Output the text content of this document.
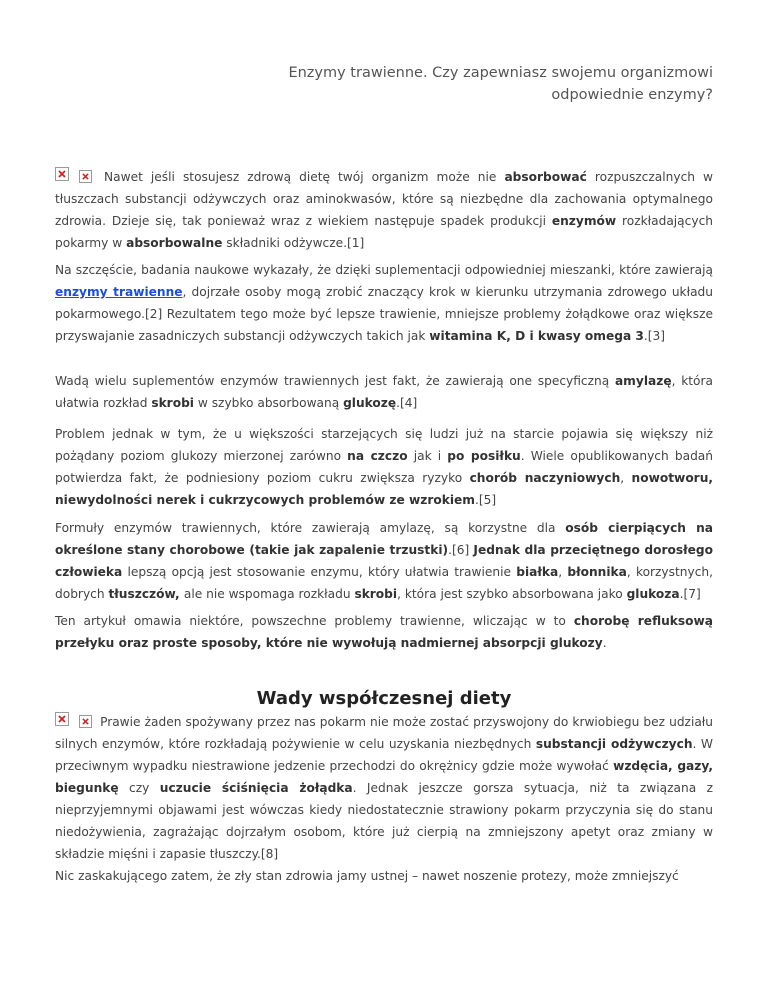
Enzymy trawienne. Czy zapewniasz swojemu organizmowi
odpowiednie enzymy?

Nawet jeśli stosujesz zdrową dietę twój organizm może nie absorbować rozpuszczalnych w tłuszczach substancji odżywczych oraz aminokwasów, które są niezbędne dla zachowania optymalnego zdrowia. Dzieje się, tak ponieważ wraz z wiekiem następuje spadek produkcji enzymów rozkładających pokarmy w absorbowalne składniki odżywcze.[1]

Na szczęście, badania naukowe wykazały, że dzięki suplementacji odpowiedniej mieszanki, które zawierają enzymy trawienne, dojrzałe osoby mogą zrobić znaczący krok w kierunku utrzymania zdrowego układu pokarmowego.[2] Rezultatem tego może być lepsze trawienie, mniejsze problemy żołądkowe oraz większe przyswajanie zasadniczych substancji odżywczych takich jak witamina K, D i kwasy omega 3.[3]

Wadą wielu suplementów enzymów trawiennych jest fakt, że zawierają one specyficzną amylazę, która ułatwia rozkład skrobi w szybko absorbowaną glukozę.[4]

Problem jednak w tym, że u większości starzejących się ludzi już na starcie pojawia się większy niż pożądany poziom glukozy mierzonej zarówno na czczo jak i po posiłku. Wiele opublikowanych badań potwierdza fakt, że podniesiony poziom cukru zwiększa ryzyko chorób naczyniowych, nowotworu, niewydolności nerek i cukrzycowych problemów ze wzrokiem.[5]

Formuły enzymów trawiennych, które zawierają amylazę, są korzystne dla osób cierpiących na określone stany chorobowe (takie jak zapalenie trzustki).[6] Jednak dla przeciętnego dorosłego człowieka lepszą opcją jest stosowanie enzymu, który ułatwia trawienie białka, błonnika, korzystnych, dobrych tłuszczów, ale nie wspomaga rozkładu skrobi, która jest szybko absorbowana jako glukoza.[7]

Ten artykuł omawia niektóre, powszechne problemy trawienne, wliczając w to chorobę refluksową przełyku oraz proste sposoby, które nie wywołują nadmiernej absorpcji glukozy.

Wady współczesnej diety

Prawie żaden spożywany przez nas pokarm nie może zostać przyswojony do krwiobiegu bez udziału silnych enzymów, które rozkładają pożywienie w celu uzyskania niezbędnych substancji odżywczych. W przeciwnym wypadku niestrawione jedzenie przechodzi do okrężnicy gdzie może wywołać wzdęcia, gazy, biegunkę czy uczucie ściśnięcia żołądka. Jednak jeszcze gorsza sytuacja, niż ta związana z nieprzyjemnymi objawami jest wówczas kiedy niedostatecznie strawiony pokarm przyczynia się do stanu niedożywienia, zagrażając dojrzałym osobom, które już cierpią na zmniejszony apetyt oraz zmiany w składzie mięśni i zapasie tłuszczy.[8]

Nic zaskakującego zatem, że zły stan zdrowia jamy ustnej – nawet noszenie protezy, może zmniejszyć
